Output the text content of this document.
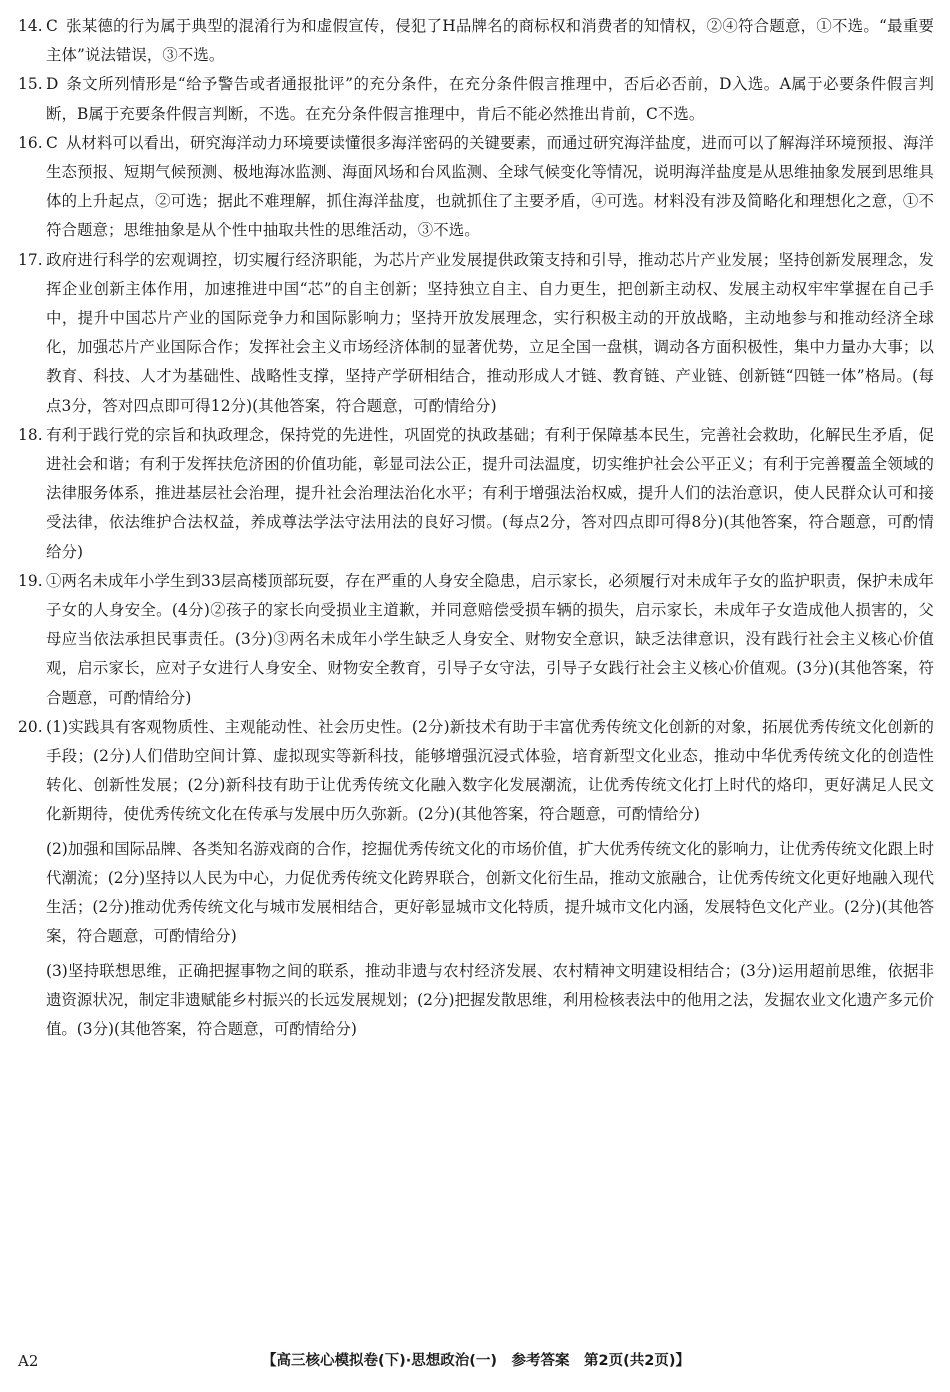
14. C 张某德的行为属于典型的混淆行为和虚假宣传，侵犯了H品牌名的商标权和消费者的知情权，②④符合题意，①不选。“最重要主体”说法错误，③不选。
15. D 条文所列情形是“给予警告或者通报批评”的充分条件，在充分条件假言推理中，否后必否前，D入选。A属于必要条件假言判断，B属于充要条件假言判断，不选。在充分条件假言推理中，肯后不能必然推出肯前，C不选。
16. C 从材料可以看出，研究海洋动力环境要读懂很多海洋密码的关键要素，而通过研究海洋盐度，进而可以了解海洋环境预报、海洋生态预报、短期气候预测、极地海冰监测、海面风场和台风监测、全球气候变化等情况，说明海洋盐度是从思维抽象发展到思维具体的上升起点，②可选；据此不难理解，抓住海洋盐度，也就抓住了主要矛盾，④可选。材料没有涉及简略化和理想化之意，①不符合题意；思维抽象是从个性中抽取共性的思维活动，③不选。
17. 政府进行科学的宏观调控，切实履行经济职能，为芯片产业发展提供政策支持和引导，推动芯片产业发展；坚持创新发展理念，发挥企业创新主体作用，加速推进中国“芯”的自主创新；坚持独立自主、自力更生，把创新主动权、发展主动权牢牢掌握在自己手中，提升中国芯片产业的国际竞争力和国际影响力；坚持开放发展理念，实行积极主动的开放战略，主动地参与和推动经济全球化，加强芯片产业国际合作；发挥社会主义市场经济体制的显著优势，立足全国一盘棋，调动各方面积极性，集中力量办大事；以教育、科技、人才为基础性、战略性支撑，坚持产学研相结合，推动形成人才链、教育链、产业链、创新链“四链一体”格局。(每点3分，答对四点即可得12分)(其他答案，符合题意，可酌情给分)
18. 有利于践行党的宗旨和执政理念，保持党的先进性，巩固党的执政基础；有利于保障基本民生，完善社会救助，化解民生矛盾，促进社会和谐；有利于发挥扶危济困的价值功能，彰显司法公正，提升司法温度，切实维护社会公平正义；有利于完善覆盖全领域的法律服务体系，推进基层社会治理，提升社会治理法治化水平；有利于增强法治权威，提升人们的法治意识，使人民群众认可和接受法律，依法维护合法权益，养成尊法学法守法用法的良好习惯。(每点2分，答对四点即可得8分)(其他答案，符合题意，可酌情给分)
19. ①两名未成年小学生到33层高楼顶部玩耍，存在严重的人身安全隐患，启示家长，必须履行对未成年子女的监护职责，保护未成年子女的人身安全。(4分)②孩子的家长向受损业主道歉，并同意赔偿受损车辆的损失，启示家长，未成年子女造成他人损害的，父母应当依法承担民事责任。(3分)③两名未成年小学生缺乏人身安全、财物安全意识，缺乏法律意识，没有践行社会主义核心价值观，启示家长，应对子女进行人身安全、财物安全教育，引导子女守法，引导子女践行社会主义核心价值观。(3分)(其他答案，符合题意，可酌情给分)
20. (1)实践具有客观物质性、主观能动性、社会历史性。(2分)新技术有助于丰富优秀传统文化创新的对象，拓展优秀传统文化创新的手段；(2分)人们借助空间计算、虚拟现实等新科技，能够增强沉浸式体验，培育新型文化业态，推动中华优秀传统文化的创造性转化、创新性发展；(2分)新科技有助于让优秀传统文化融入数字化发展潮流，让优秀传统文化打上时代的烙印，更好满足人民文化新期待，使优秀传统文化在传承与发展中历久弥新。(2分)(其他答案，符合题意，可酌情给分)
(2)加强和国际品牌、各类知名游戏商的合作，挖掘优秀传统文化的市场价值，扩大优秀传统文化的影响力，让优秀传统文化跟上时代潮流；(2分)坚持以人民为中心，力促优秀传统文化跨界联合，创新文化衍生品，推动文旅融合，让优秀传统文化更好地融入现代生活；(2分)推动优秀传统文化与城市发展相结合，更好彰显城市文化特质，提升城市文化内涵，发展特色文化产业。(2分)(其他答案，符合题意，可酌情给分)
(3)坚持联想思维，正确把握事物之间的联系，推动非遗与农村经济发展、农村精神文明建设相结合；(3分)运用超前思维，依据非遗资源状况，制定非遗赋能乡村振兴的长远发展规划；(2分)把握发散思维，利用检核表法中的他用之法，发掘农业文化遗产多元价值。(3分)(其他答案，符合题意，可酌情给分)
A2	【高三核心模拟卷(下)·思想政治(一)　参考答案　第2页(共2页)】
